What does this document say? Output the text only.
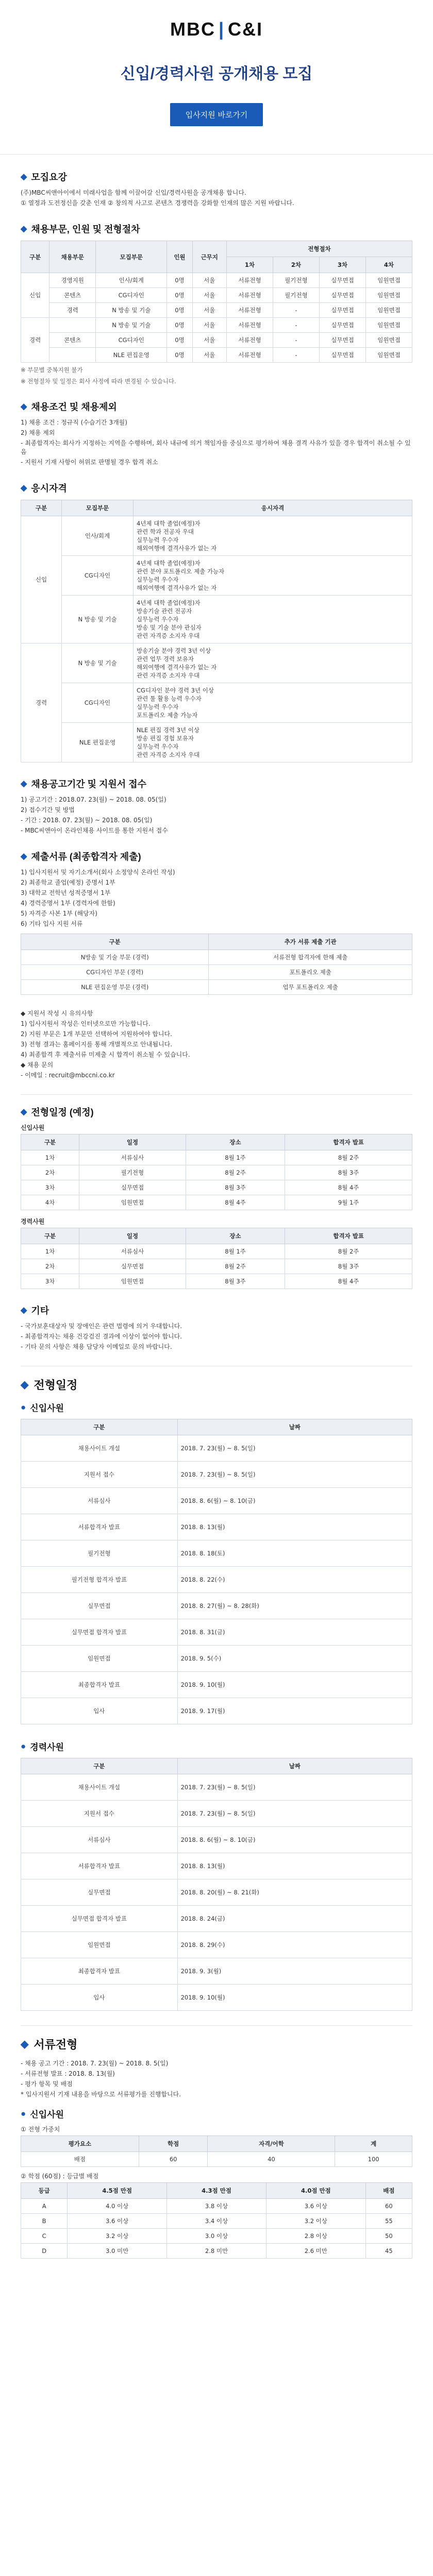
MBC | C&I
신입/경력사원 공개채용 모집
입사지원 바로가기
◆ 모집요강

(주)MBC씨앤아이에서 미래사업을 함께 이끌어갈 신입/경력사원을 공개채용 합니다.

① 열정과 도전정신을 갖춘 인재 ② 창의적 사고로 콘텐츠 경쟁력을 강화할 인재의 많은 지원 바랍니다.

◆ 채용부문, 인원 및 전형절차
구분	채용부문	모집부문	인원	근무지	전형절차			
					1차	2차	3차	4차
신입	경영지원	인사/회계	0명	서울	서류전형	필기전형	실무면접	임원면접
	콘텐츠	CG디자인	0명	서울	서류전형	필기전형	실무면접	임원면접
	경력	N 방송 및 기술	0명	서울	서류전형	-	실무면접	임원면접
경력		N 방송 및 기술	0명	서울	서류전형	-	실무면접	임원면접
	콘텐츠	CG디자인	0명	서울	서류전형	-	실무면접	임원면접
		NLE 편집운영	0명	서울	서류전형	-	실무면접	임원면접

※ 부문별 중복지원 불가

※ 전형절차 및 일정은 회사 사정에 따라 변경될 수 있습니다.

◆ 채용조건 및 채용제외

1) 채용 조건 : 정규직 (수습기간 3개월)

2) 채용 제외

- 최종합격자는 회사가 지정하는 지역을 수행하며, 회사 내규에 의거 책임자를 중심으로 평가하여 채용 결격 사유가 있을 경우 합격이 취소될 수 있음

- 지원서 기재 사항이 허위로 판명될 경우 합격 취소

◆ 응시자격
구분	모집부문	응시자격
신입	인사/회계	4년제 대학 졸업(예정)자
관련 학과 전공자 우대
실무능력 우수자
해외여행에 결격사유가 없는 자

	CG디자인	4년제 대학 졸업(예정)자
관련 분야 포트폴리오 제출 가능자
실무능력 우수자
해외여행에 결격사유가 없는 자

	N 방송 및 기술	4년제 대학 졸업(예정)자
방송기술 관련 전공자
실무능력 우수자
방송 및 기술 분야 관심자
관련 자격증 소지자 우대

경력	N 방송 및 기술	방송기술 분야 경력 3년 이상
관련 업무 경력 보유자
해외여행에 결격사유가 없는 자
관련 자격증 소지자 우대

	CG디자인	CG디자인 분야 경력 3년 이상
관련 툴 활용 능력 우수자
실무능력 우수자
포트폴리오 제출 가능자

	NLE 편집운영	NLE 편집 경력 3년 이상
방송 편집 경험 보유자
실무능력 우수자
관련 자격증 소지자 우대
◆ 채용공고기간 및 지원서 접수

1) 공고기간 : 2018.07. 23(월) ~ 2018. 08. 05(일)

2) 접수기간 및 방법

- 기간 : 2018. 07. 23(월) ~ 2018. 08. 05(일)

- MBC씨앤아이 온라인채용 사이트를 통한 지원서 접수

◆ 제출서류 (최종합격자 제출)

1) 입사지원서 및 자기소개서(회사 소정양식 온라인 작성)

2) 최종학교 졸업(예정) 증명서 1부

3) 대학교 전학년 성적증명서 1부

4) 경력증명서 1부 (경력자에 한함)

5) 자격증 사본 1부 (해당자)

6) 기타 입사 지원 서류

구분	추가 서류 제출 기관
N방송 및 기술 부문 (경력)	서류전형 합격자에 한해 제출
CG디자인 부문 (경력)	포트폴리오 제출
NLE 편집운영 부문 (경력)	업무 포트폴리오 제출

◆ 지원서 작성 시 유의사항

1) 입사지원서 작성은 인터넷으로만 가능합니다.

2) 지원 부문은 1개 부문만 선택하여 지원하여야 합니다.

3) 전형 결과는 홈페이지를 통해 개별적으로 안내됩니다.

4) 최종합격 후 제출서류 미제출 시 합격이 취소될 수 있습니다.

◆ 채용 문의

- 이메일 : recruit@mbccni.co.kr

◆ 전형일정 (예정)

신입사원

구분	일정	장소	합격자 발표
1차	서류심사	8월 1주	8월 2주
2차	필기전형	8월 2주	8월 3주
3차	실무면접	8월 3주	8월 4주
4차	임원면접	8월 4주	9월 1주

경력사원

구분	일정	장소	합격자 발표
1차	서류심사	8월 1주	8월 2주
2차	실무면접	8월 2주	8월 3주
3차	임원면접	8월 3주	8월 4주
◆ 기타

- 국가보훈대상자 및 장애인은 관련 법령에 의거 우대합니다.

- 최종합격자는 채용 건강검진 결과에 이상이 없어야 합니다.

- 기타 문의 사항은 채용 담당자 이메일로 문의 바랍니다.

◆ 전형일정
● 신입사원
구분	날짜
채용사이트 개설	2018. 7. 23(월) ~ 8. 5(일)
지원서 접수	2018. 7. 23(월) ~ 8. 5(일)
서류심사	2018. 8. 6(월) ~ 8. 10(금)
서류합격자 발표	2018. 8. 13(월)
필기전형	2018. 8. 18(토)
필기전형 합격자 발표	2018. 8. 22(수)
실무면접	2018. 8. 27(월) ~ 8. 28(화)
실무면접 합격자 발표	2018. 8. 31(금)
임원면접	2018. 9. 5(수)
최종합격자 발표	2018. 9. 10(월)
입사	2018. 9. 17(월)
● 경력사원
구분	날짜
채용사이트 개설	2018. 7. 23(월) ~ 8. 5(일)
지원서 접수	2018. 7. 23(월) ~ 8. 5(일)
서류심사	2018. 8. 6(월) ~ 8. 10(금)
서류합격자 발표	2018. 8. 13(월)
실무면접	2018. 8. 20(월) ~ 8. 21(화)
실무면접 합격자 발표	2018. 8. 24(금)
임원면접	2018. 8. 29(수)
최종합격자 발표	2018. 9. 3(월)
입사	2018. 9. 10(월)
◆ 서류전형

- 채용 공고 기간 : 2018. 7. 23(월) ~ 2018. 8. 5(일)

- 서류전형 발표 : 2018. 8. 13(월)

- 평가 항목 및 배점

* 입사지원서 기재 내용을 바탕으로 서류평가를 진행합니다.

● 신입사원

① 전형 가중치

평가요소	학점	자격/어학	계
배점	60	40	100

② 학점 (60점) : 등급별 배점

등급	4.5점 만점	4.3점 만점	4.0점 만점	배점
A	4.0 이상	3.8 이상	3.6 이상	60
B	3.6 이상	3.4 이상	3.2 이상	55
C	3.2 이상	3.0 이상	2.8 이상	50
D	3.0 미만	2.8 미만	2.6 미만	45
